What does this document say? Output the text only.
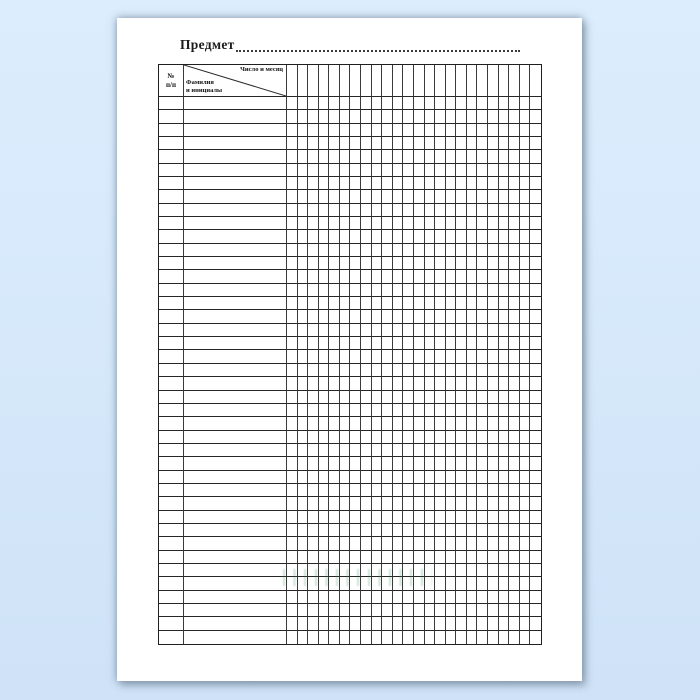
Предмет
№
п/п
Число и месяц
Фамилия
и инициалы
